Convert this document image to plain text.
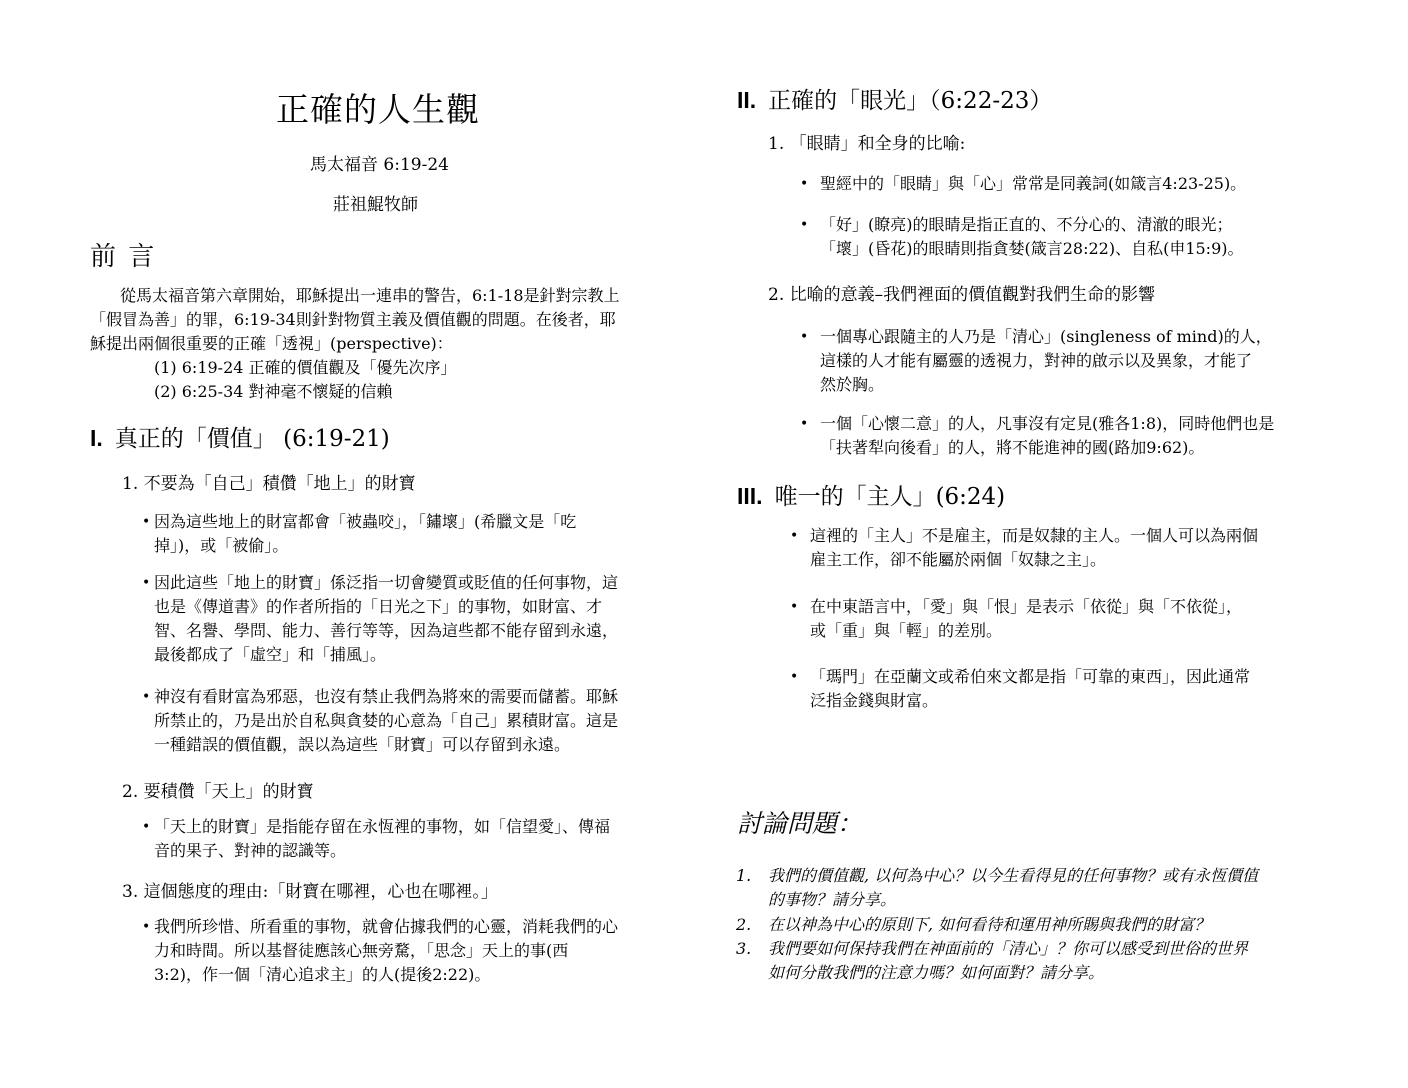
正確的人生觀
馬太福音 6:19-24
莊祖鯤牧師
前 言
從馬太福音第六章開始，耶穌提出一連串的警告，6:1-18是針對宗教上
「假冒為善」的罪，6:19-34則針對物質主義及價值觀的問題。在後者，耶
穌提出兩個很重要的正確「透視」(perspective)：
(1) 6:19-24 正確的價值觀及「優先次序」
(2) 6:25-34 對神毫不懷疑的信賴
I. 真正的「價值」 (6:19-21)
1. 不要為「自己」積儹「地上」的財寶
• 因為這些地上的財富都會「被蟲咬」，「鏽壞」(希臘文是「吃
掉」)，或「被偷」。
• 因此這些「地上的財寶」係泛指一切會變質或貶值的任何事物，這
也是《傳道書》的作者所指的「日光之下」的事物，如財富、才
智、名譽、學問、能力、善行等等，因為這些都不能存留到永遠，
最後都成了「虛空」和「捕風」。
• 神沒有看財富為邪惡，也沒有禁止我們為將來的需要而儲蓄。耶穌
所禁止的，乃是出於自私與貪婪的心意為「自己」累積財富。這是
一種錯誤的價值觀，誤以為這些「財寶」可以存留到永遠。
2. 要積儹「天上」的財寶
• 「天上的財寶」是指能存留在永恆裡的事物，如「信望愛」、傳福
音的果子、對神的認識等。
3. 這個態度的理由:「財寶在哪裡，心也在哪裡。」
• 我們所珍惜、所看重的事物，就會佔據我們的心靈，消耗我們的心
力和時間。所以基督徒應該心無旁騖，「思念」天上的事(西
3:2)，作一個「清心追求主」的人(提後2:22)。
II. 正確的「眼光」（6:22-23）
1. 「眼睛」和全身的比喻:
• 聖經中的「眼睛」與「心」常常是同義詞(如箴言4:23-25)。
• 「好」(瞭亮)的眼睛是指正直的、不分心的、清澈的眼光；
「壞」(昏花)的眼睛則指貪婪(箴言28:22)、自私(申15:9)。
2. 比喻的意義–我們裡面的價值觀對我們生命的影響
• 一個專心跟隨主的人乃是「清心」(singleness of mind)的人，
這樣的人才能有屬靈的透視力，對神的啟示以及異象，才能了
然於胸。
• 一個「心懷二意」的人，凡事沒有定見(雅各1:8)，同時他們也是
「扶著犁向後看」的人，將不能進神的國(路加9:62)。
III. 唯一的「主人」(6:24)
• 這裡的「主人」不是雇主，而是奴隸的主人。一個人可以為兩個
雇主工作，卻不能屬於兩個「奴隸之主」。
• 在中東語言中，「愛」與「恨」是表示「依從」與「不依從」，
或「重」與「輕」的差別。
• 「瑪門」在亞蘭文或希伯來文都是指「可靠的東西」，因此通常
泛指金錢與財富。
討論問題：
1. 我們的價值觀, 以何為中心？以今生看得見的任何事物？或有永恆價值
的事物？請分享。
2. 在以神為中心的原則下, 如何看待和運用神所賜與我們的財富？
3. 我們要如何保持我們在神面前的「清心」？你可以感受到世俗的世界
如何分散我們的注意力嗎？如何面對？請分享。
